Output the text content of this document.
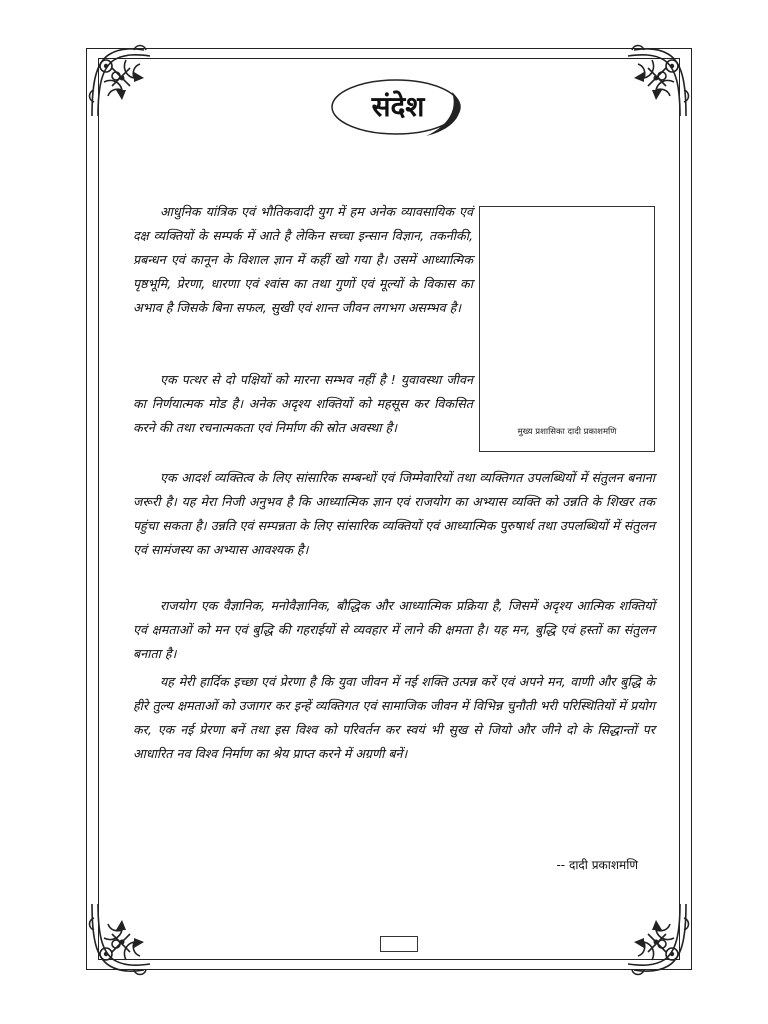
संदेश
मुख्य प्रशासिका दादी प्रकाशमणि
आधुनिक यांत्रिक एवं भौतिकवादी युग में हम अनेक व्यावसायिक एवं दक्ष व्यक्तियों के सम्पर्क में आते है लेकिन सच्चा इन्सान विज्ञान, तकनीकी, प्रबन्धन एवं कानून के विशाल ज्ञान में कहीं खो गया है। उसमें आध्यात्मिक पृष्ठभूमि, प्रेरणा, धारणा एवं श्वांस का तथा गुणों एवं मूल्यों के विकास का अभाव है जिसके बिना सफल, सुखी एवं शान्त जीवन लगभग असम्भव है।
एक पत्थर से दो पक्षियों को मारना सम्भव नहीं है ! युवावस्था जीवन का निर्णयात्मक मोड है। अनेक अदृश्य शक्तियों को महसूस कर विकसित करने की तथा रचनात्मकता एवं निर्माण की स्रोत अवस्था है।
एक आदर्श व्यक्तित्व के लिए सांसारिक सम्बन्धों एवं जिम्मेवारियों तथा व्यक्तिगत उपलब्धियों में संतुलन बनाना जरूरी है। यह मेरा निजी अनुभव है कि आध्यात्मिक ज्ञान एवं राजयोग का अभ्यास व्यक्ति को उन्नति के शिखर तक पहुंचा सकता है। उन्नति एवं सम्पन्नता के लिए सांसारिक व्यक्तियों एवं आध्यात्मिक पुरुषार्थ तथा उपलब्धियों में संतुलन एवं सामंजस्य का अभ्यास आवश्यक है।
राजयोग एक वैज्ञानिक, मनोवैज्ञानिक, बौद्धिक और आध्यात्मिक प्रक्रिया है, जिसमें अदृश्य आत्मिक शक्तियों एवं क्षमताओं को मन एवं बुद्धि की गहराईयों से व्यवहार में लाने की क्षमता है। यह मन, बुद्धि एवं हस्तों का संतुलन बनाता है।
यह मेरी हार्दिक इच्छा एवं प्रेरणा है कि युवा जीवन में नई शक्ति उत्पन्न करें एवं अपने मन, वाणी और बुद्धि के हीरे तुल्य क्षमताओं को उजागर कर इन्हें व्यक्तिगत एवं सामाजिक जीवन में विभिन्न चुनौती भरी परिस्थितियों में प्रयोग कर, एक नई प्रेरणा बनें तथा इस विश्व को परिवर्तन कर स्वयं भी सुख से जियो और जीने दो के सिद्धान्तों पर आधारित नव विश्व निर्माण का श्रेय प्राप्त करने में अग्रणी बनें।
-- दादी प्रकाशमणि
